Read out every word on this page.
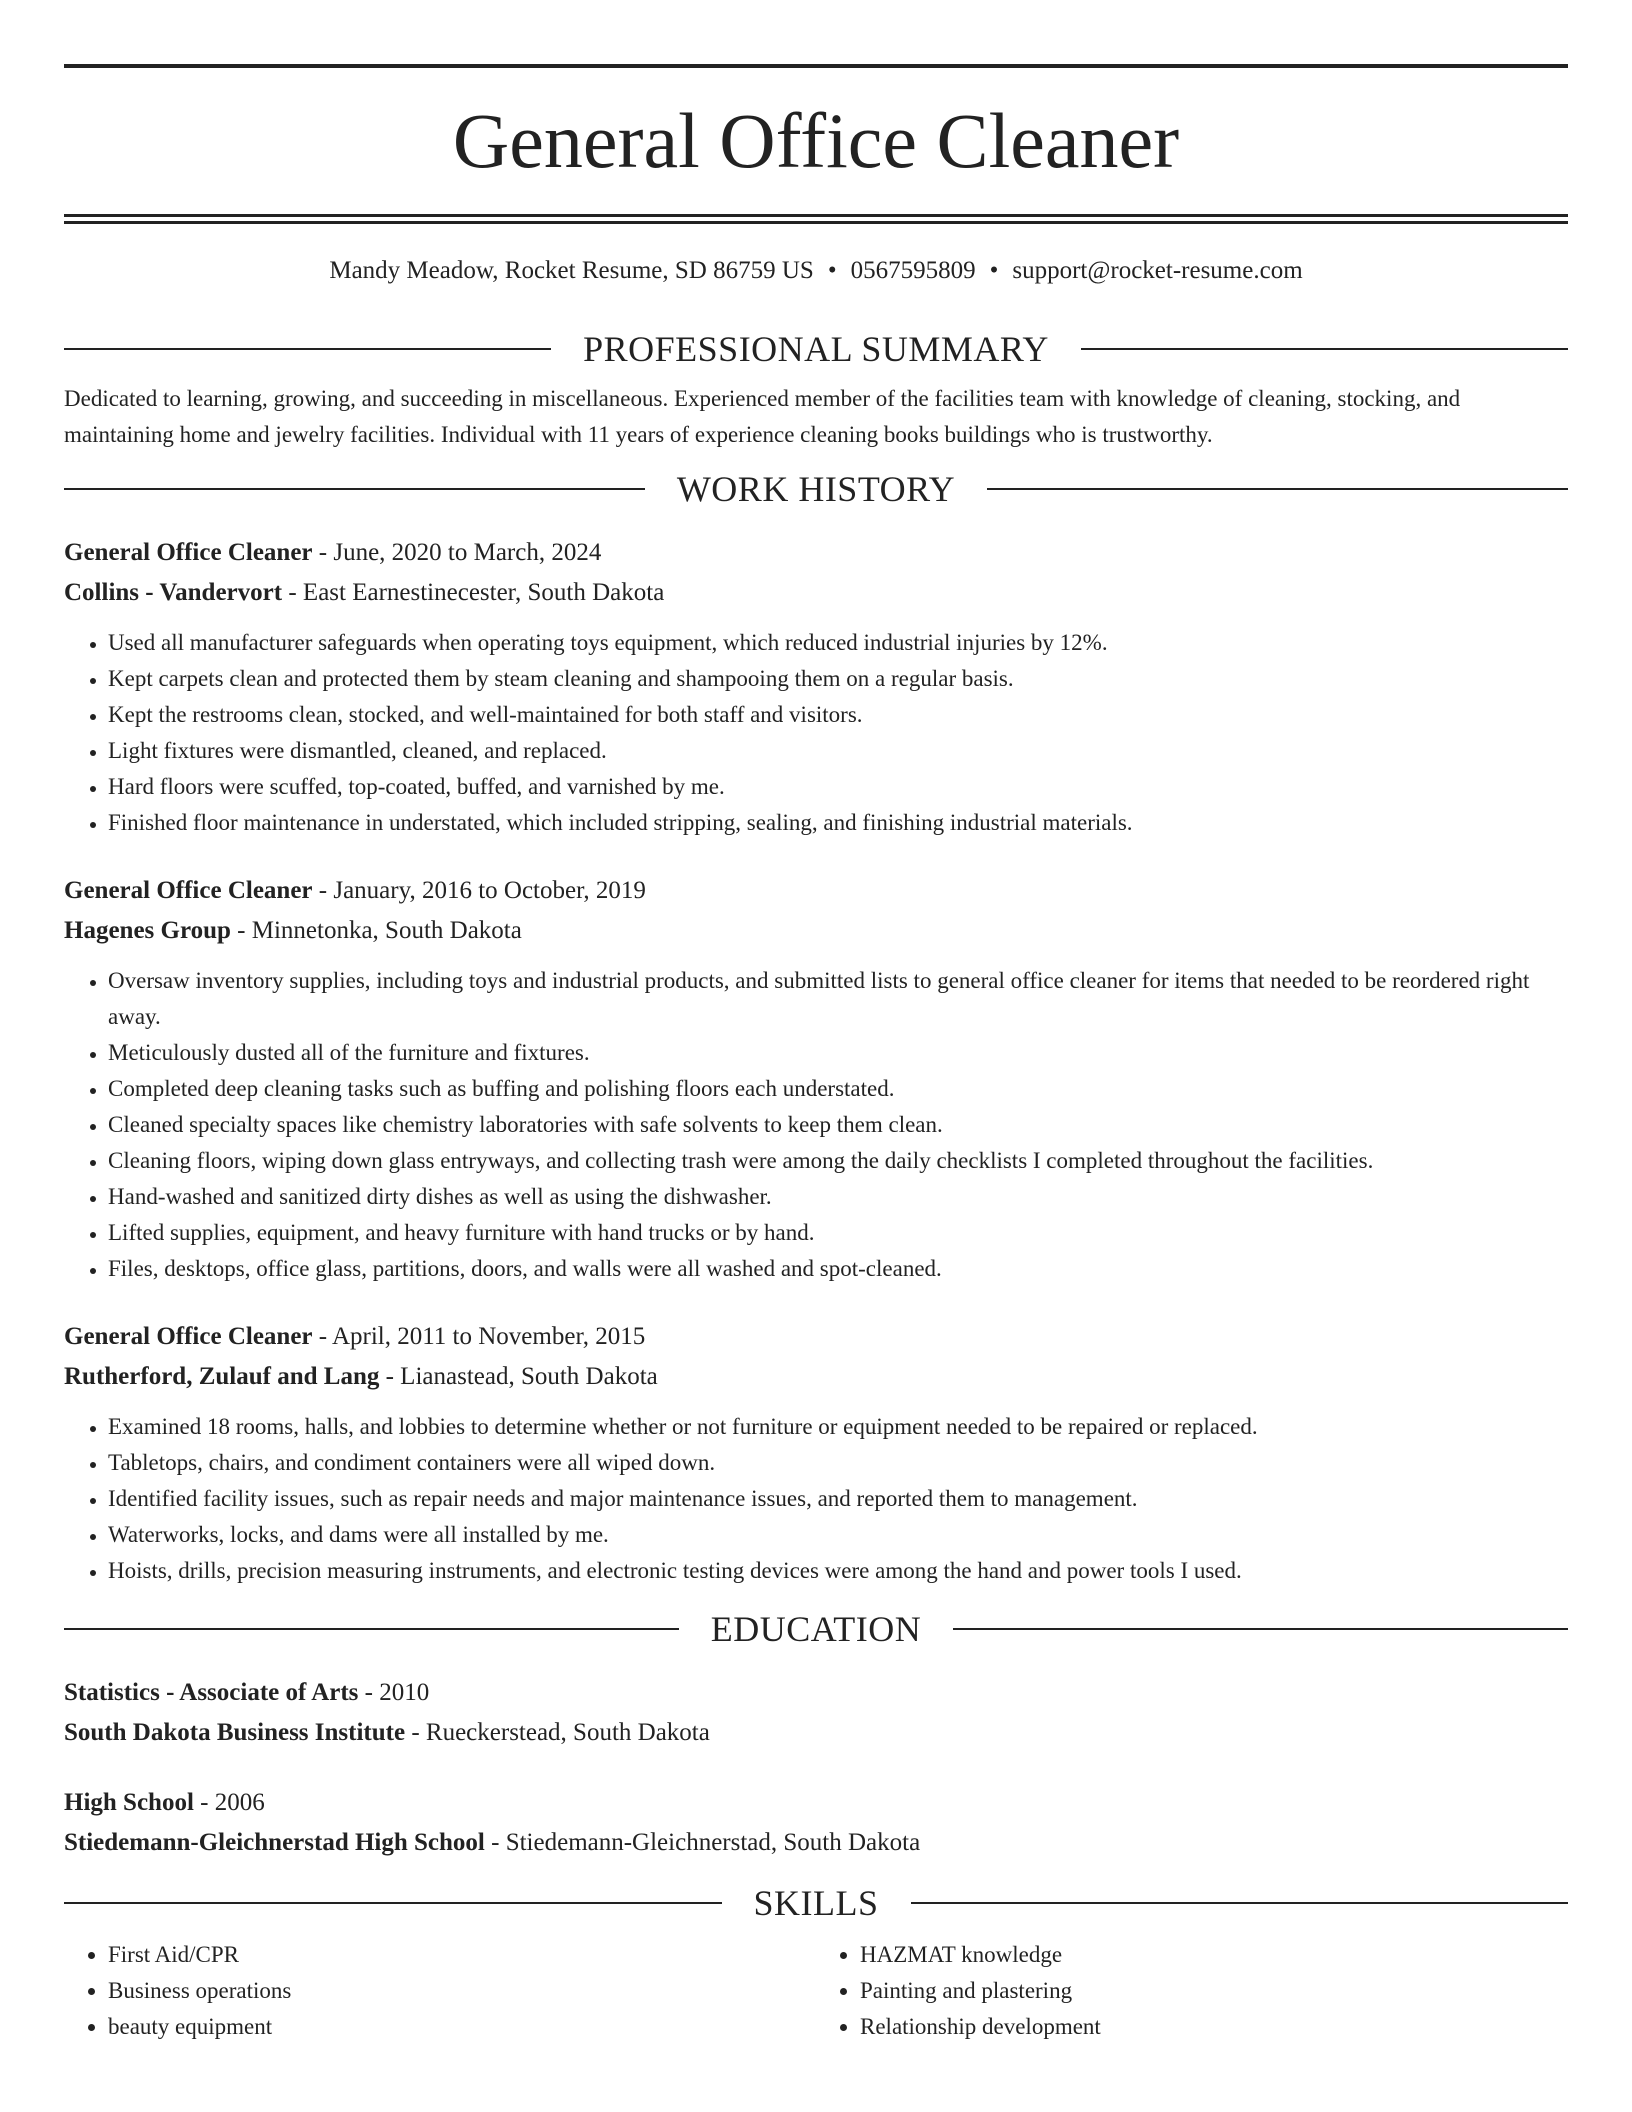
General Office Cleaner
Mandy Meadow, Rocket Resume, SD 86759 US • 0567595809 • support@rocket-resume.com
PROFESSIONAL SUMMARY

Dedicated to learning, growing, and succeeding in miscellaneous. Experienced member of the facilities team with knowledge of cleaning, stocking, and maintaining home and jewelry facilities. Individual with 11 years of experience cleaning books buildings who is trustworthy.

WORK HISTORY
General Office Cleaner - June, 2020 to March, 2024
Collins - Vandervort - East Earnestinecester, South Dakota
• Used all manufacturer safeguards when operating toys equipment, which reduced industrial injuries by 12%.
• Kept carpets clean and protected them by steam cleaning and shampooing them on a regular basis.
• Kept the restrooms clean, stocked, and well-maintained for both staff and visitors.
• Light fixtures were dismantled, cleaned, and replaced.
• Hard floors were scuffed, top-coated, buffed, and varnished by me.
• Finished floor maintenance in understated, which included stripping, sealing, and finishing industrial materials.
General Office Cleaner - January, 2016 to October, 2019
Hagenes Group - Minnetonka, South Dakota
• Oversaw inventory supplies, including toys and industrial products, and submitted lists to general office cleaner for items that needed to be reordered right away.
• Meticulously dusted all of the furniture and fixtures.
• Completed deep cleaning tasks such as buffing and polishing floors each understated.
• Cleaned specialty spaces like chemistry laboratories with safe solvents to keep them clean.
• Cleaning floors, wiping down glass entryways, and collecting trash were among the daily checklists I completed throughout the facilities.
• Hand-washed and sanitized dirty dishes as well as using the dishwasher.
• Lifted supplies, equipment, and heavy furniture with hand trucks or by hand.
• Files, desktops, office glass, partitions, doors, and walls were all washed and spot-cleaned.
General Office Cleaner - April, 2011 to November, 2015
Rutherford, Zulauf and Lang - Lianastead, South Dakota
• Examined 18 rooms, halls, and lobbies to determine whether or not furniture or equipment needed to be repaired or replaced.
• Tabletops, chairs, and condiment containers were all wiped down.
• Identified facility issues, such as repair needs and major maintenance issues, and reported them to management.
• Waterworks, locks, and dams were all installed by me.
• Hoists, drills, precision measuring instruments, and electronic testing devices were among the hand and power tools I used.
EDUCATION
Statistics - Associate of Arts - 2010
South Dakota Business Institute - Rueckerstead, South Dakota
High School - 2006
Stiedemann-Gleichnerstad High School - Stiedemann-Gleichnerstad, South Dakota
SKILLS
• First Aid/CPR
• Business operations
• beauty equipment
• HAZMAT knowledge
• Painting and plastering
• Relationship development
